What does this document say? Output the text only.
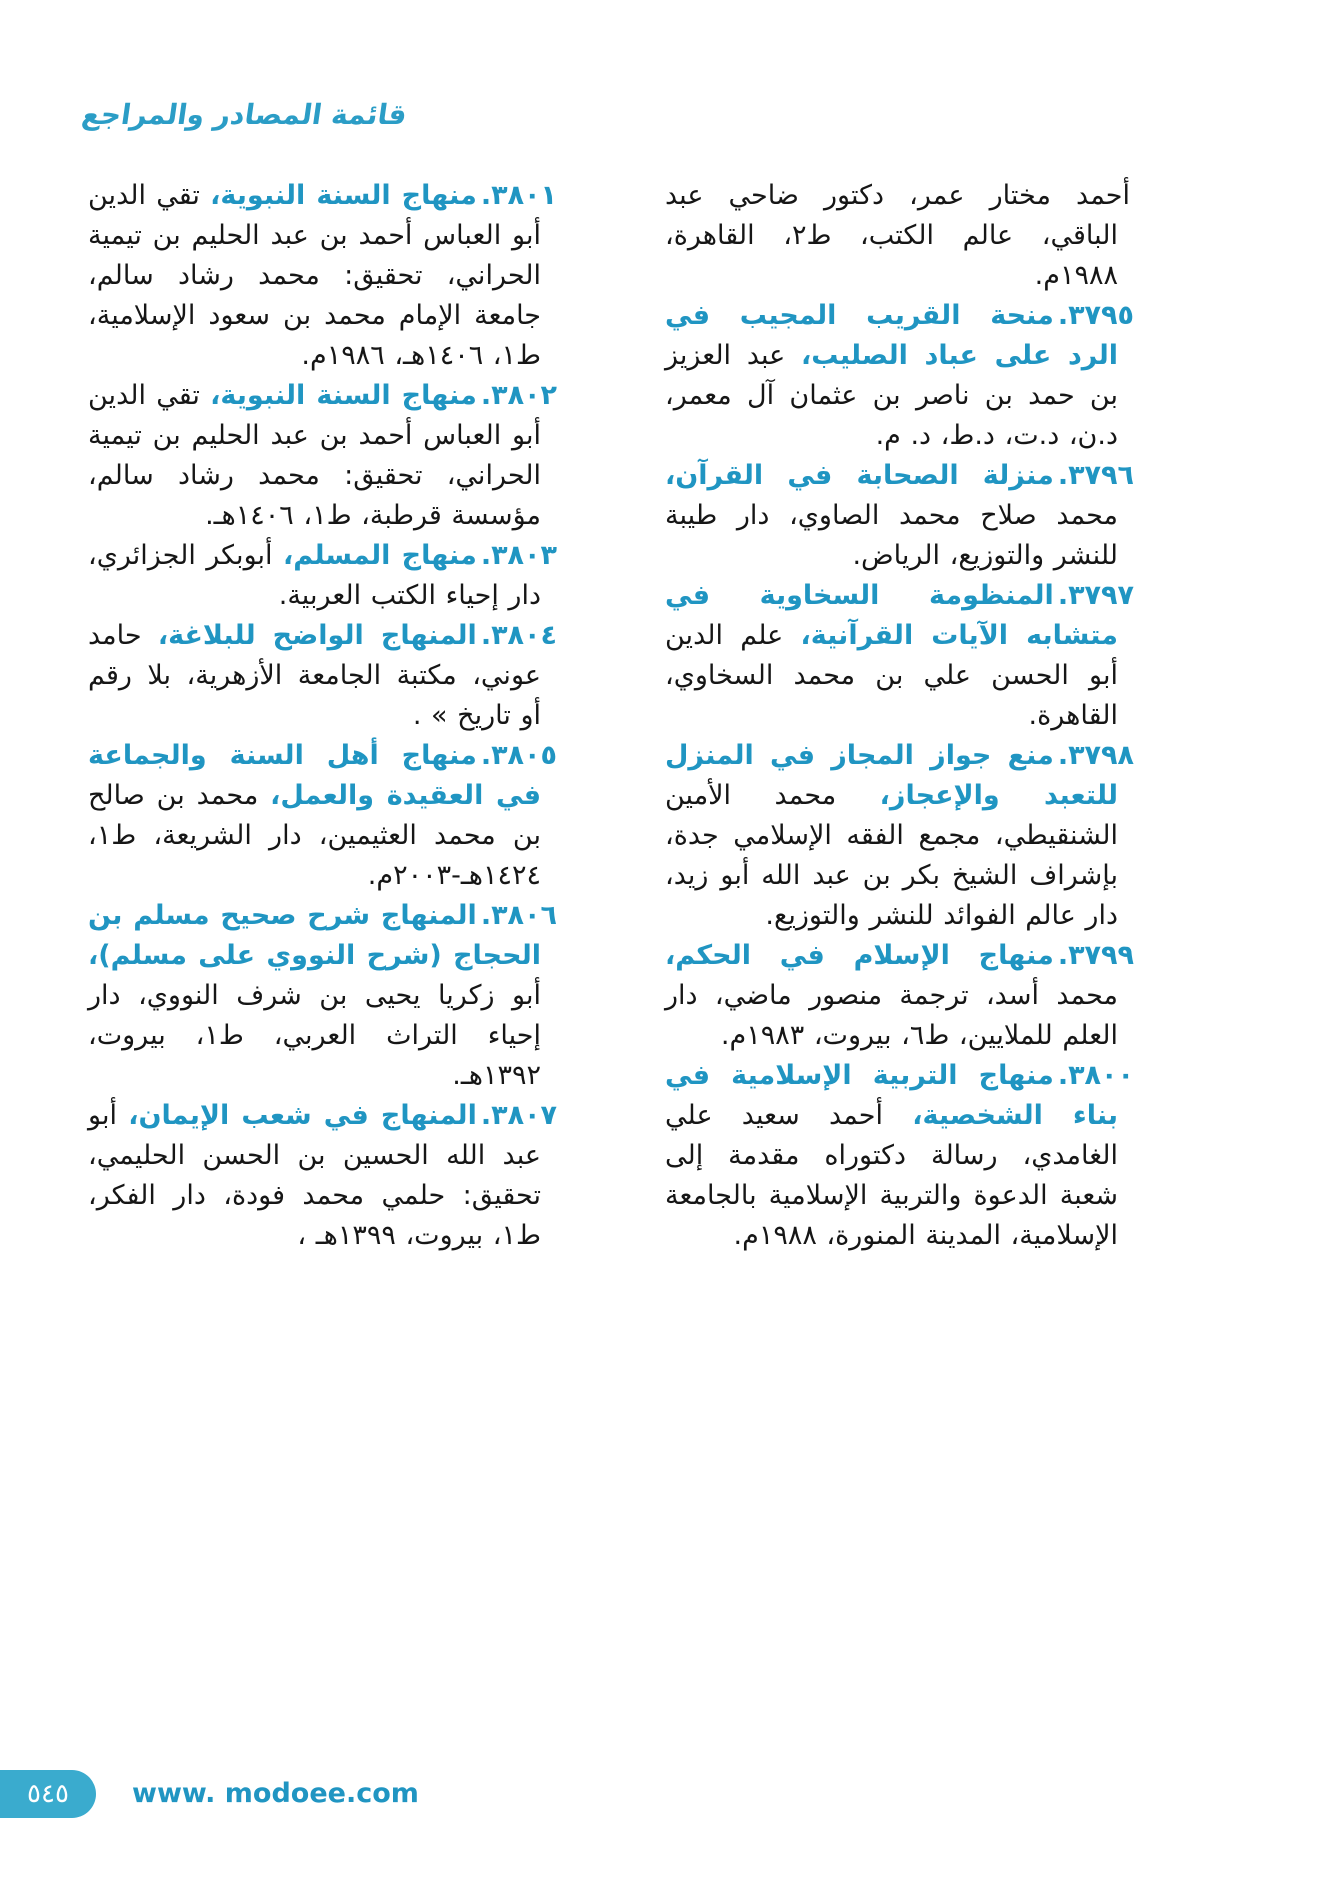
قائمة المصادر والمراجع

أحمد مختار عمر، دكتور ضاحي عبد الباقي، عالم الكتب، ط٢، القاهرة، ١٩٨٨م.

٣٧٩٥.منحة القريب المجيب في الرد على عباد الصليب، عبد العزيز بن حمد بن ناصر بن عثمان آل معمر، د.ن، د.ت، د.ط، د. م.

٣٧٩٦.منزلة الصحابة في القرآن، محمد صلاح محمد الصاوي، دار طيبة للنشر والتوزيع، الرياض.

٣٧٩٧.المنظومة السخاوية في متشابه الآيات القرآنية، علم الدين أبو الحسن علي بن محمد السخاوي، القاهرة.

٣٧٩٨.منع جواز المجاز في المنزل للتعبد والإعجاز، محمد الأمين الشنقيطي، مجمع الفقه الإسلامي جدة، بإشراف الشيخ بكر بن عبد الله أبو زيد، دار عالم الفوائد للنشر والتوزيع.

٣٧٩٩.منهاج الإسلام في الحكم، محمد أسد، ترجمة منصور ماضي، دار العلم للملايين، ط٦، بيروت، ١٩٨٣م.

٣٨٠٠.منهاج التربية الإسلامية في بناء الشخصية، أحمد سعيد علي الغامدي، رسالة دكتوراه مقدمة إلى شعبة الدعوة والتربية الإسلامية بالجامعة الإسلامية، المدينة المنورة، ١٩٨٨م.

٣٨٠١.منهاج السنة النبوية، تقي الدين أبو العباس أحمد بن عبد الحليم بن تيمية الحراني، تحقيق: محمد رشاد سالم، جامعة الإمام محمد بن سعود الإسلامية، ط١، ١٤٠٦هـ، ١٩٨٦م.

٣٨٠٢.منهاج السنة النبوية، تقي الدين أبو العباس أحمد بن عبد الحليم بن تيمية الحراني، تحقيق: محمد رشاد سالم، مؤسسة قرطبة، ط١، ١٤٠٦هـ.

٣٨٠٣.منهاج المسلم، أبوبكر الجزائري، دار إحياء الكتب العربية.

٣٨٠٤.المنهاج الواضح للبلاغة، حامد عوني، مكتبة الجامعة الأزهرية، بلا رقم أو تاريخ » .

٣٨٠٥.منهاج أهل السنة والجماعة في العقيدة والعمل، محمد بن صالح بن محمد العثيمين، دار الشريعة، ط١، ١٤٢٤هـ-٢٠٠٣م.

٣٨٠٦.المنهاج شرح صحيح مسلم بن الحجاج (شرح النووي على مسلم)، أبو زكريا يحيى بن شرف النووي، دار إحياء التراث العربي، ط١، بيروت، ١٣٩٢هـ.

٣٨٠٧.المنهاج في شعب الإيمان، أبو عبد الله الحسين بن الحسن الحليمي، تحقيق: حلمي محمد فودة، دار الفكر، ط١، بيروت، ١٣٩٩هـ ،

٥٤٥ www. modoee.com
